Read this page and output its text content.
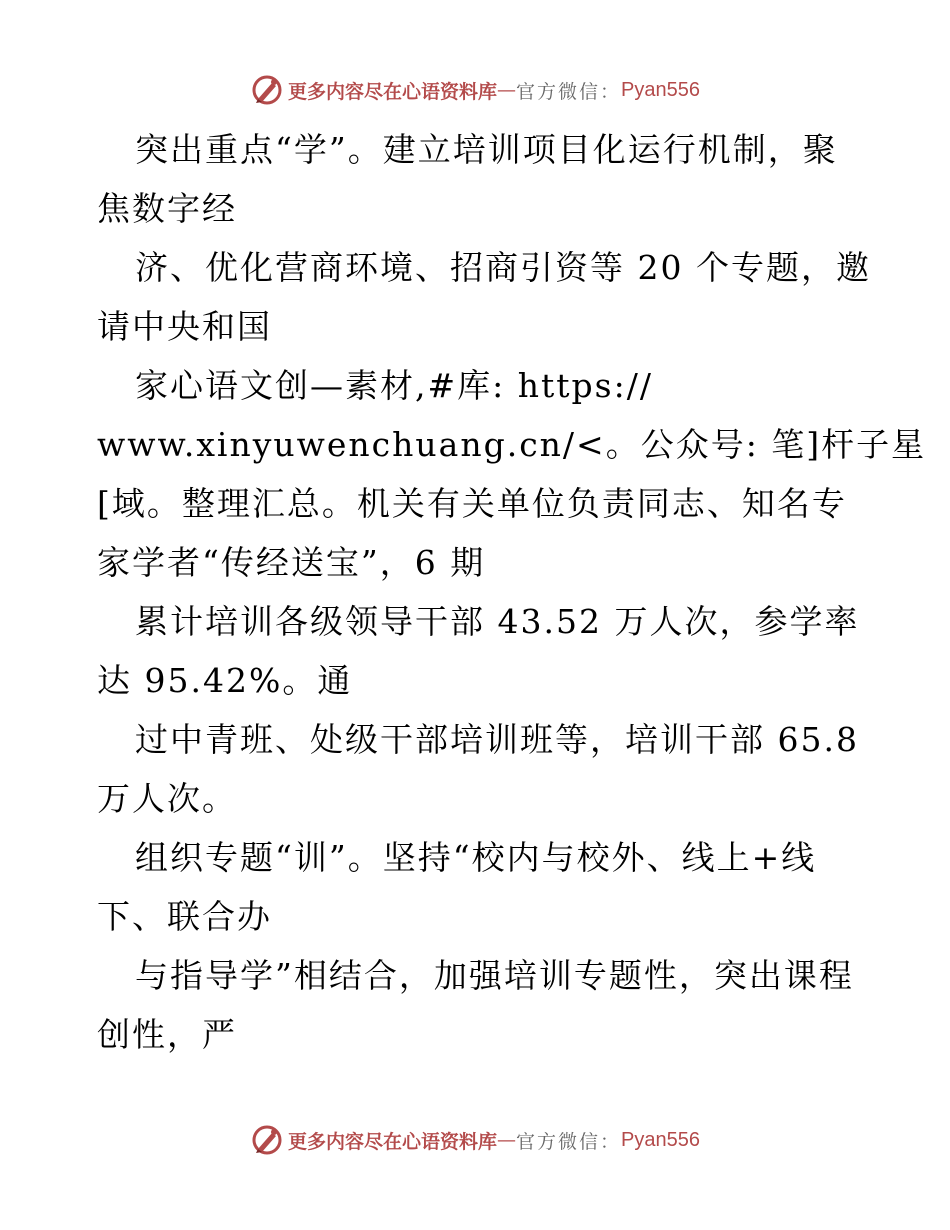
更多内容尽在心语资料库 — 官方微信： Pyan556
突出重点“学”。建立培训项目化运行机制，聚
焦数字经
济、优化营商环境、招商引资等 20 个专题，邀
请中央和国
家心语文创—素材,#库: https://
www.xinyuwenchuang.cn/<。公众号: 笔]杆子星
[域。整理汇总。机关有关单位负责同志、知名专
家学者“传经送宝”，6 期
累计培训各级领导干部 43.52 万人次，参学率
达 95.42%。通
过中青班、处级干部培训班等，培训干部 65.8
万人次。
组织专题“训”。坚持“校内与校外、线上+线
下、联合办
与指导学”相结合，加强培训专题性，突出课程
创性，严
更多内容尽在心语资料库 — 官方微信： Pyan556
